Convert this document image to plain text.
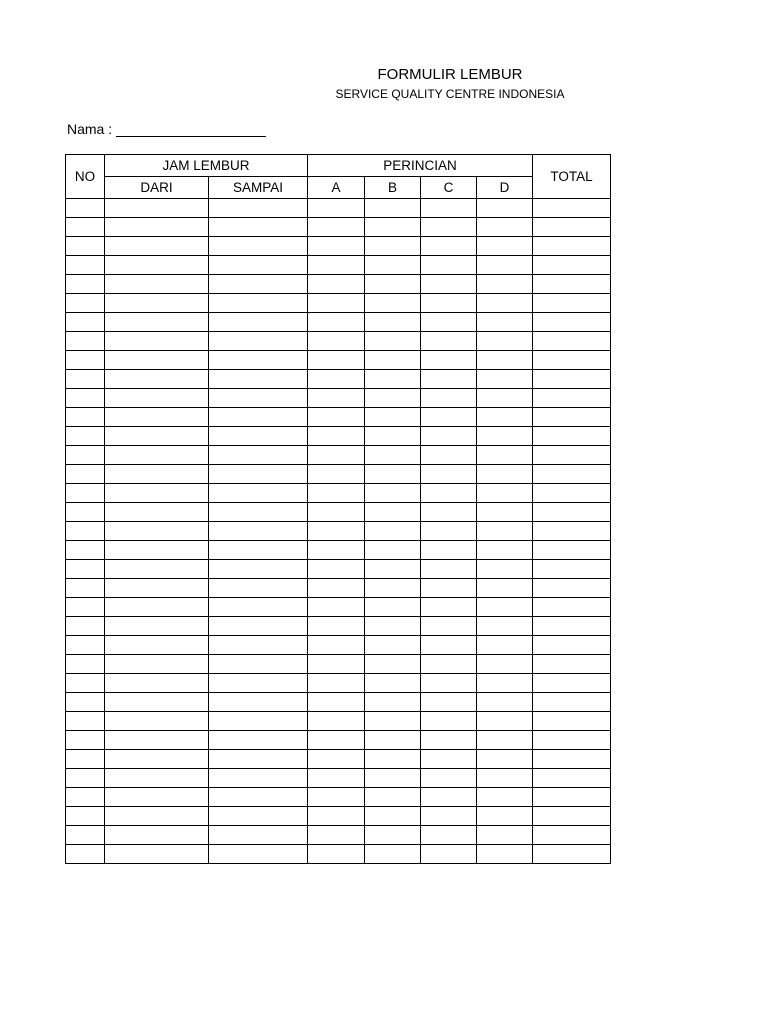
FORMULIR LEMBUR
SERVICE QUALITY CENTRE INDONESIA
Nama :
NO	JAM LEMBUR		PERINCIAN				TOTAL
	DARI	SAMPAI	A	B	C	D	
